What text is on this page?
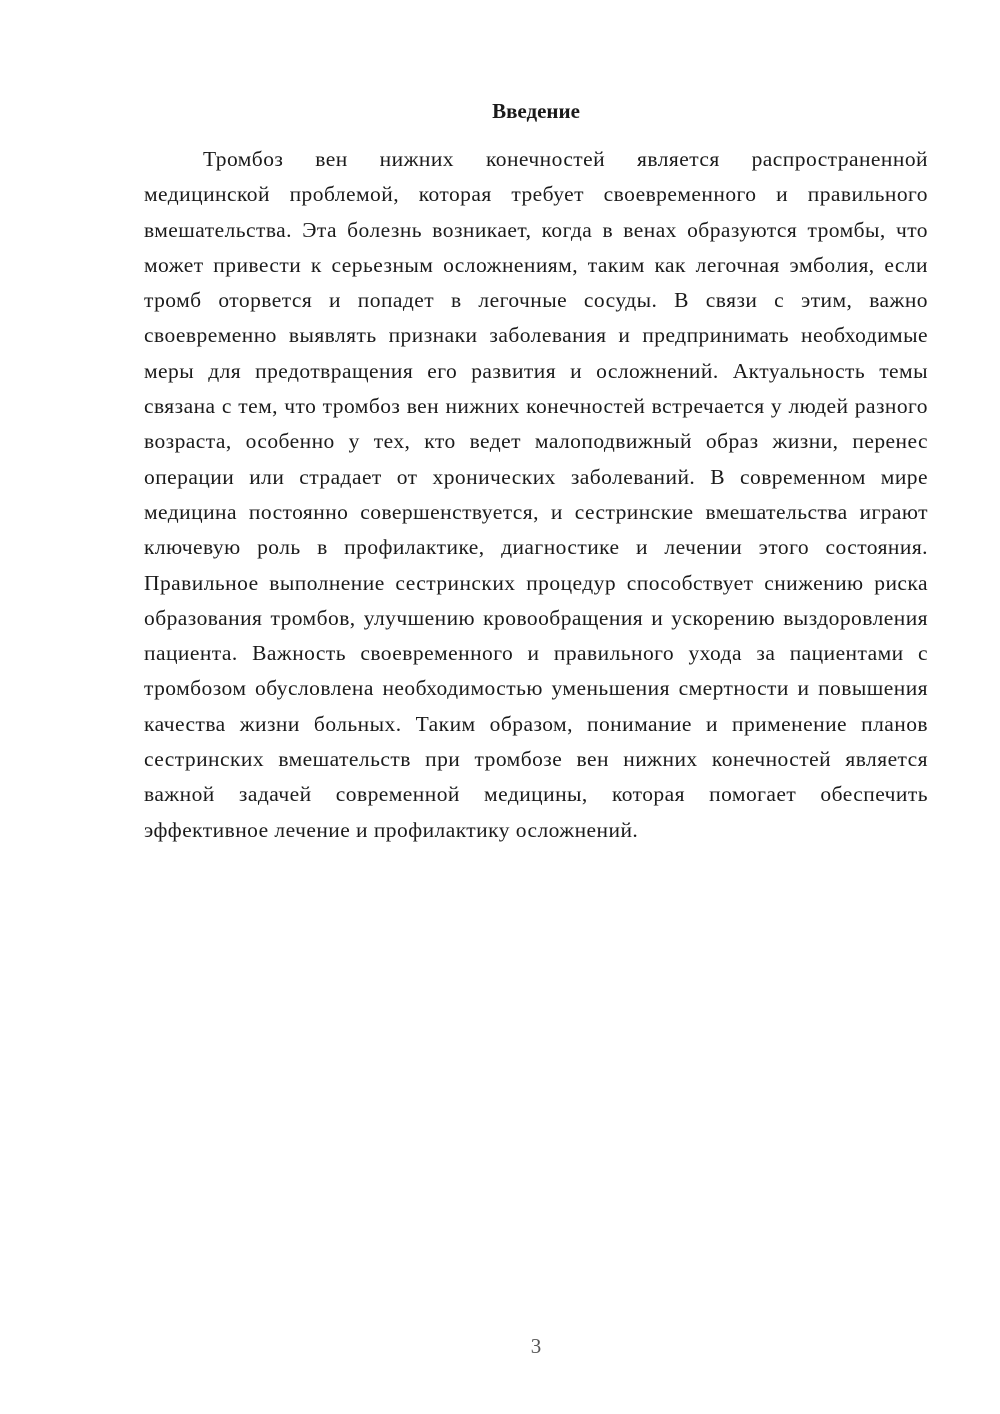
Введение

Тромбоз вен нижних конечностей является распространенной медицинской проблемой, которая требует своевременного и правильного вмешательства. Эта болезнь возникает, когда в венах образуются тромбы, что может привести к серьезным осложнениям, таким как легочная эмболия, если тромб оторвется и попадет в легочные сосуды. В связи с этим, важно своевременно выявлять признаки заболевания и предпринимать необходимые меры для предотвращения его развития и осложнений. Актуальность темы связана с тем, что тромбоз вен нижних конечностей встречается у людей разного возраста, особенно у тех, кто ведет малоподвижный образ жизни, перенес операции или страдает от хронических заболеваний. В современном мире медицина постоянно совершенствуется, и сестринские вмешательства играют ключевую роль в профилактике, диагностике и лечении этого состояния. Правильное выполнение сестринских процедур способствует снижению риска образования тромбов, улучшению кровообращения и ускорению выздоровления пациента. Важность своевременного и правильного ухода за пациентами с тромбозом обусловлена необходимостью уменьшения смертности и повышения качества жизни больных. Таким образом, понимание и применение планов сестринских вмешательств при тромбозе вен нижних конечностей является важной задачей современной медицины, которая помогает обеспечить эффективное лечение и профилактику осложнений.

3
